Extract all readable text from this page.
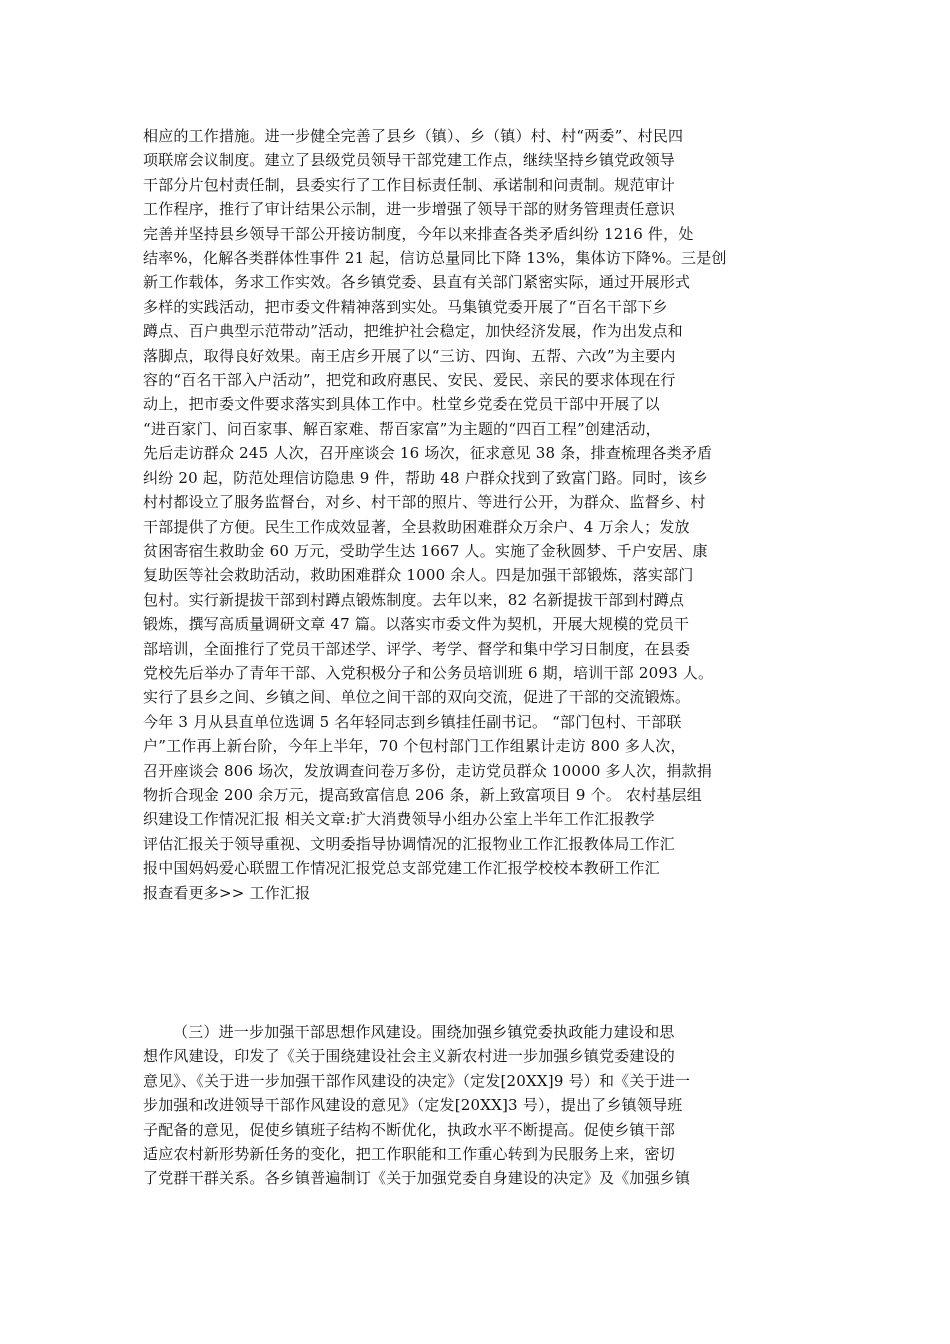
相应的工作措施。进一步健全完善了县乡（镇）、乡（镇）村、村“两委”、村民四
项联席会议制度。建立了县级党员领导干部党建工作点，继续坚持乡镇党政领导
干部分片包村责任制，县委实行了工作目标责任制、承诺制和问责制。规范审计
工作程序，推行了审计结果公示制，进一步增强了领导干部的财务管理责任意识
完善并坚持县乡领导干部公开接访制度，今年以来排查各类矛盾纠纷 1216 件，处
结率%，化解各类群体性事件 21 起，信访总量同比下降 13%，集体访下降%。三是创
新工作载体，务求工作实效。各乡镇党委、县直有关部门紧密实际，通过开展形式
多样的实践活动，把市委文件精神落到实处。马集镇党委开展了“百名干部下乡
蹲点、百户典型示范带动”活动，把维护社会稳定，加快经济发展，作为出发点和
落脚点，取得良好效果。南王店乡开展了以“三访、四询、五帮、六改”为主要内
容的“百名干部入户活动”，把党和政府惠民、安民、爱民、亲民的要求体现在行
动上，把市委文件要求落实到具体工作中。杜堂乡党委在党员干部中开展了以
“进百家门、问百家事、解百家难、帮百家富”为主题的“四百工程”创建活动，
先后走访群众 245 人次，召开座谈会 16 场次，征求意见 38 条，排查梳理各类矛盾
纠纷 20 起，防范处理信访隐患 9 件，帮助 48 户群众找到了致富门路。同时，该乡
村村都设立了服务监督台，对乡、村干部的照片、等进行公开，为群众、监督乡、村
干部提供了方便。民生工作成效显著，全县救助困难群众万余户、4 万余人；发放
贫困寄宿生救助金 60 万元，受助学生达 1667 人。实施了金秋圆梦、千户安居、康
复助医等社会救助活动，救助困难群众 1000 余人。四是加强干部锻炼，落实部门
包村。实行新提拔干部到村蹲点锻炼制度。去年以来，82 名新提拔干部到村蹲点
锻炼，撰写高质量调研文章 47 篇。以落实市委文件为契机，开展大规模的党员干
部培训，全面推行了党员干部述学、评学、考学、督学和集中学习日制度，在县委
党校先后举办了青年干部、入党积极分子和公务员培训班 6 期，培训干部 2093 人。
实行了县乡之间、乡镇之间、单位之间干部的双向交流，促进了干部的交流锻炼。
今年 3 月从县直单位选调 5 名年轻同志到乡镇挂任副书记。 “部门包村、干部联
户”工作再上新台阶，今年上半年，70 个包村部门工作组累计走访 800 多人次，
召开座谈会 806 场次，发放调查问卷万多份，走访党员群众 10000 多人次，捐款捐
物折合现金 200 余万元，提高致富信息 206 条，新上致富项目 9 个。 农村基层组
织建设工作情况汇报 相关文章:扩大消费领导小组办公室上半年工作汇报教学
评估汇报关于领导重视、文明委指导协调情况的汇报物业工作汇报教体局工作汇
报中国妈妈爱心联盟工作情况汇报党总支部党建工作汇报学校校本教研工作汇
报查看更多>> 工作汇报
（三）进一步加强干部思想作风建设。围绕加强乡镇党委执政能力建设和思
想作风建设，印发了《关于围绕建设社会主义新农村进一步加强乡镇党委建设的
意见》、《关于进一步加强干部作风建设的决定》（定发[20XX]9 号）和《关于进一
步加强和改进领导干部作风建设的意见》（定发[20XX]3 号），提出了乡镇领导班
子配备的意见，促使乡镇班子结构不断优化，执政水平不断提高。促使乡镇干部
适应农村新形势新任务的变化，把工作职能和工作重心转到为民服务上来，密切
了党群干群关系。各乡镇普遍制订《关于加强党委自身建设的决定》及《加强乡镇
